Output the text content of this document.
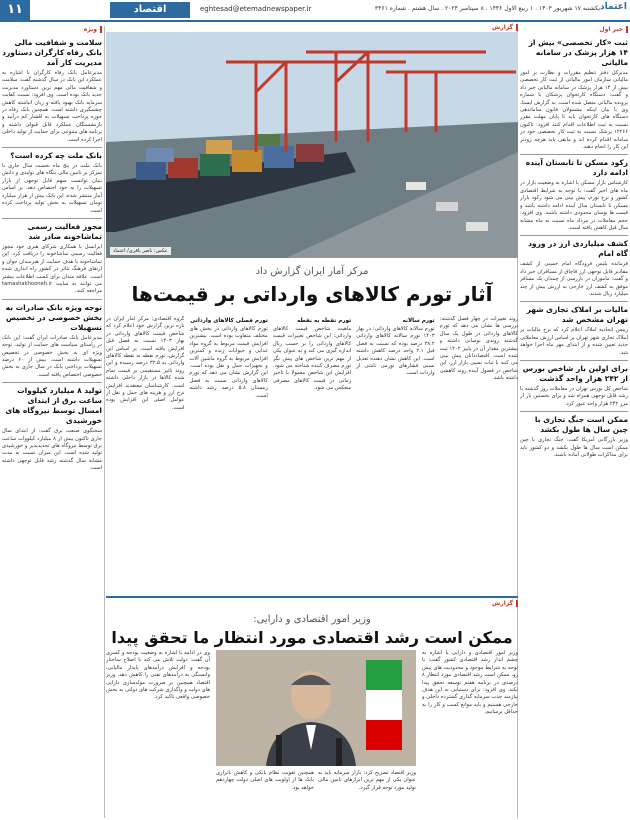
۱۱	اقتصاد	eghtesad@etemadnewspaper.ir	یکشنبه ۱۷ شهریور ۱۴۰۳ . ۱ ربیع الاول ۱۴۴۶ . ۸ سپتامبر ۲۰۲۴ . سال هشتم . شماره ۳۴۶۱ اعتماد
خبر اول
ثبت «کار تخصصی» بیش از ۱۴ هزار پزشک در سامانه مالیاتی

مدیرکل دفتر تنظیم مقررات و نظارت بر امور مالیاتی سازمان امور مالیاتی از ثبت کار تخصصی بیش از ۱۴ هزار پزشک در سامانه مالیاتی خبر داد و گفت: دستگاه کارتخوان پزشکان با شماره پرونده مالیاتی متصل شده است. به گزارش ایسنا، وی با بیان اینکه مشمولان قانون ساماندهی دستگاه های کارتخوان باید تا پایان مهلت مقرر نسبت به ثبت اطلاعات اقدام کنند افزود: تاکنون ۱۲۲۶۶ پزشک نسبت به ثبت کار تخصصی خود در سامانه اقدام کرده اند و مابقی باید هرچه زودتر این کار را انجام دهند.

رکود مسکن تا تابستان آینده ادامه دارد

کارشناس بازار مسکن با اشاره به وضعیت بازار در ماه های اخیر گفت: با توجه به شرایط اقتصادی کشور و نرخ تورم، پیش بینی می شود رکود بازار مسکن تا تابستان سال آینده ادامه داشته باشد و قیمت ها نوسان محدودی داشته باشند. وی افزود: حجم معاملات در مرداد ماه نسبت به ماه مشابه سال قبل کاهش یافته است.

کشف میلیاردی ارز در ورود گاه امام

فرمانده پلیس فرودگاه امام خمینی از کشف مقادیر قابل توجهی ارز قاچاق از مسافران خبر داد و گفت: ماموران در بازرسی از چمدان یک مسافر موفق به کشف ارز خارجی به ارزش بیش از چند میلیارد ریال شدند.

مالیات بر املاک تجاری شهر تهران مشخص شد

رییس اتحادیه املاک اعلام کرد که نرخ مالیات بر املاک تجاری شهر تهران بر اساس ارزش معاملاتی جدید تعیین شده و از ابتدای مهر ماه اجرا خواهد شد.

برای اولین بار شاخص بورس از ۲۴۲ هزار واحد گذشت

شاخص کل بورس تهران در معاملات روز گذشته با رشد قابل توجهی همراه شد و برای نخستین بار از مرز ۲۴۲ هزار واحد عبور کرد.

ممکن است جنگ تجاری با چین سال ها طول بکشد

وزیر بازرگانی آمریکا گفت: جنگ تجاری با چین ممکن است سال ها طول بکشد و دو کشور باید برای مذاکرات طولانی آماده باشند.

ویژه
سلامت و شفافیت مالی بانک رفاه کارگران دستاورد مدیریت کار آمد

مدیرعامل بانک رفاه کارگران با اشاره به عملکرد این بانک در سال گذشته گفت: سلامت و شفافیت مالی مهم ترین دستاورد مدیریت جدید بانک بوده است. وی افزود: نسبت کفایت سرمایه بانک بهبود یافته و زیان انباشته کاهش چشمگیری داشته است. همچنین بانک رفاه در حوزه پرداخت تسهیلات به اقشار کم درآمد و بازنشستگان عملکرد قابل قبولی داشته و برنامه های متنوعی برای حمایت از تولید داخلی اجرا کرده است.

بانک ملت چه کرده است؟

بانک ملت در پنج ماه نخست سال جاری با تمرکز بر تامین مالی بنگاه های تولیدی و دانش بنیان توانست سهم قابل توجهی از بازار تسهیلات را به خود اختصاص دهد. بر اساس آمار منتشر شده، این بانک بیش از هزار میلیارد تومان تسهیلات به بخش تولید پرداخت کرده است.

مجوز فعالیت رسمی تماشاخونه صادر شد

ایرانسل با همکاری شرکای هنری خود مجوز فعالیت رسمی تماشاخونه را دریافت کرد. این تماشاخونه با هدف حمایت از هنرمندان جوان و ارتقای فرهنگ تئاتر در کشور راه اندازی شده است. علاقه مندان برای کسب اطلاعات بیشتر می توانند به سایت tamashakhooneh.ir مراجعه کنند.

توجه ویژه بانک صادرات به بخش خصوصی در تخصیص تسهیلات

مدیرعامل بانک صادرات ایران گفت: این بانک در راستای سیاست های حمایت از تولید، توجه ویژه ای به بخش خصوصی در تخصیص تسهیلات داشته است. بیش از ۶۰ درصد تسهیلات پرداختی بانک در سال جاری به بخش خصوصی اختصاص یافته است.

تولید ۸ میلیارد کیلووات ساعت برق از ابتدای امسال توسط نیروگاه های خورشیدی

سخنگوی صنعت برق گفت: از ابتدای سال جاری تاکنون بیش از ۸ میلیارد کیلووات ساعت برق توسط نیروگاه های تجدیدپذیر و خورشیدی تولید شده است. این میزان نسبت به مدت مشابه سال گذشته رشد قابل توجهی داشته است.

گزارش
عکس: ناصر باقری/ اعتماد
مرکز آمار ایران گزارش داد
آثار تورم کالاهای وارداتی بر قیمت‌ها

گروه اقتصادی: مرکز آمار ایران در تازه ترین گزارش خود اعلام کرد که شاخص قیمت کالاهای وارداتی در بهار ۱۴۰۳ نسبت به فصل قبل افزایش یافته است. بر اساس این گزارش، تورم نقطه به نقطه کالاهای وارداتی به ۳۲.۵ درصد رسیده و این روند تاثیر مستقیمی بر قیمت تمام شده کالاها در بازار داخلی داشته است. کارشناسان معتقدند افزایش نرخ ارز و هزینه های حمل و نقل از عوامل اصلی این افزایش بوده است.

تورم فصلی کالاهای وارداتی

تورم کالاهای وارداتی در بخش های مختلف متفاوت بوده است. بیشترین افزایش قیمت مربوط به گروه مواد غذایی و حیوانات زنده و کمترین افزایش مربوط به گروه ماشین آلات و تجهیزات حمل و نقل بوده است. این گزارش نشان می دهد که تورم کالاهای وارداتی نسبت به فصل زمستان ۵.۸ درصد رشد داشته است.

تورم نقطه به نقطه

ماهیت شاخص قیمت کالاهای وارداتی: این شاخص تغییرات قیمت کالاهای وارداتی را بر حسب ریال اندازه گیری می کند و به عنوان یکی از مهم ترین شاخص های پیش نگر تورم مصرف کننده شناخته می شود. افزایش این شاخص معمولا با تاخیر زمانی در قیمت کالاهای مصرفی منعکس می شود.

تورم سالانه

تورم سالانه کالاهای وارداتی: در بهار ۱۴۰۳ تورم سالانه کالاهای وارداتی ۳۸.۲ درصد بوده که نسبت به فصل قبل ۲.۱ واحد درصد کاهش داشته است. این کاهش نشان دهنده تعدیل نسبی فشارهای تورمی ناشی از واردات است.

روند تغییرات در چهار فصل گذشته: بررسی ها نشان می دهد که تورم کالاهای وارداتی در طول یک سال گذشته روندی نوسانی داشته و بیشترین مقدار آن در پاییز ۱۴۰۲ ثبت شده است. اقتصاددانان پیش بینی می کنند با ثبات نسبی بازار ارز، این شاخص در فصول آینده روند کاهشی داشته باشد.

گزارش
وزیر امور اقتصادی و دارایی:
ممکن است رشد اقتصادی مورد انتظار ما تحقق پیدا
وزیر امور اقتصادی و دارایی با اشاره به چشم انداز رشد اقتصادی کشور گفت: با توجه به شرایط موجود و محدودیت های پیش رو، ممکن است رشد اقتصادی مورد انتظار ۸ درصدی در برنامه هفتم توسعه تحقق پیدا نکند. وی افزود: برای دستیابی به این هدف نیازمند جذب سرمایه گذاری گسترده داخلی و خارجی هستیم و باید موانع کسب و کار را به حداقل برسانیم.
وی در ادامه با اشاره به وضعیت بودجه و کسری آن گفت: دولت تلاش می کند با اصلاح ساختار بودجه و افزایش درآمدهای پایدار مالیاتی، وابستگی به درآمدهای نفتی را کاهش دهد. وزیر اقتصاد همچنین بر ضرورت مولدسازی دارایی های دولت و واگذاری شرکت های دولتی به بخش خصوصی واقعی تاکید کرد.
همچنین تقویت نظام بانکی و کاهش ناترازی بانک ها از اولویت های اصلی دولت چهاردهم خواهد بود.
وزیر اقتصاد تصریح کرد: بازار سرمایه باید به عنوان یکی از مهم ترین ابزارهای تامین مالی تولید مورد توجه قرار گیرد.
